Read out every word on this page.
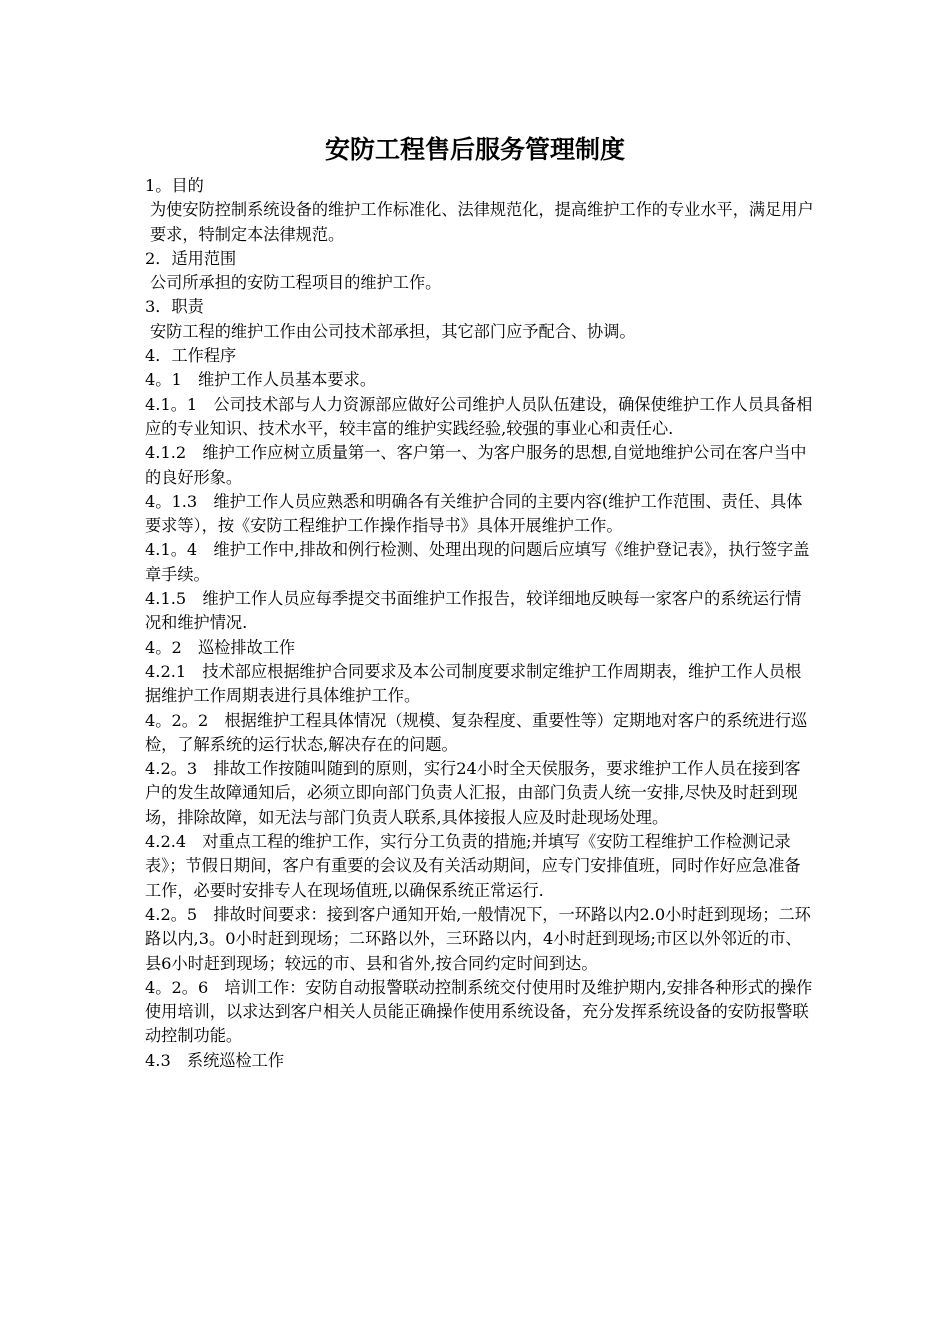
安防工程售后服务管理制度

1。目的

为使安防控制系统设备的维护工作标准化、法律规范化，提高维护工作的专业水平，满足用户要求，特制定本法律规范。

2．适用范围

公司所承担的安防工程项目的维护工作。

3．职责

安防工程的维护工作由公司技术部承担，其它部门应予配合、协调。

4．工作程序

4。1　维护工作人员基本要求。

4.1。1　公司技术部与人力资源部应做好公司维护人员队伍建设，确保使维护工作人员具备相应的专业知识、技术水平，较丰富的维护实践经验,较强的事业心和责任心.

4.1.2　维护工作应树立质量第一、客户第一、为客户服务的思想,自觉地维护公司在客户当中的良好形象。

4。1.3　维护工作人员应熟悉和明确各有关维护合同的主要内容(维护工作范围、责任、具体要求等），按《安防工程维护工作操作指导书》具体开展维护工作。

4.1。4　维护工作中,排故和例行检测、处理出现的问题后应填写《维护登记表》，执行签字盖章手续。

4.1.5　维护工作人员应每季提交书面维护工作报告，较详细地反映每一家客户的系统运行情况和维护情况.

4。2　巡检排故工作

4.2.1　技术部应根据维护合同要求及本公司制度要求制定维护工作周期表，维护工作人员根据维护工作周期表进行具体维护工作。

4。2。2　根据维护工程具体情况（规模、复杂程度、重要性等）定期地对客户的系统进行巡检，了解系统的运行状态,解决存在的问题。

4.2。3　排故工作按随叫随到的原则，实行24小时全天侯服务，要求维护工作人员在接到客户的发生故障通知后，必须立即向部门负责人汇报，由部门负责人统一安排,尽快及时赶到现场，排除故障，如无法与部门负责人联系,具体接报人应及时赴现场处理。

4.2.4　对重点工程的维护工作，实行分工负责的措施;并填写《安防工程维护工作检测记录表》；节假日期间，客户有重要的会议及有关活动期间，应专门安排值班，同时作好应急准备工作，必要时安排专人在现场值班,以确保系统正常运行.

4.2。5　排故时间要求：接到客户通知开始,一般情况下，一环路以内2.0小时赶到现场；二环路以内,3。0小时赶到现场；二环路以外，三环路以内，4小时赶到现场;市区以外邻近的市、县6小时赶到现场；较远的市、县和省外,按合同约定时间到达。

4。2。6　培训工作：安防自动报警联动控制系统交付使用时及维护期内,安排各种形式的操作使用培训，以求达到客户相关人员能正确操作使用系统设备，充分发挥系统设备的安防报警联动控制功能。

4.3　系统巡检工作
